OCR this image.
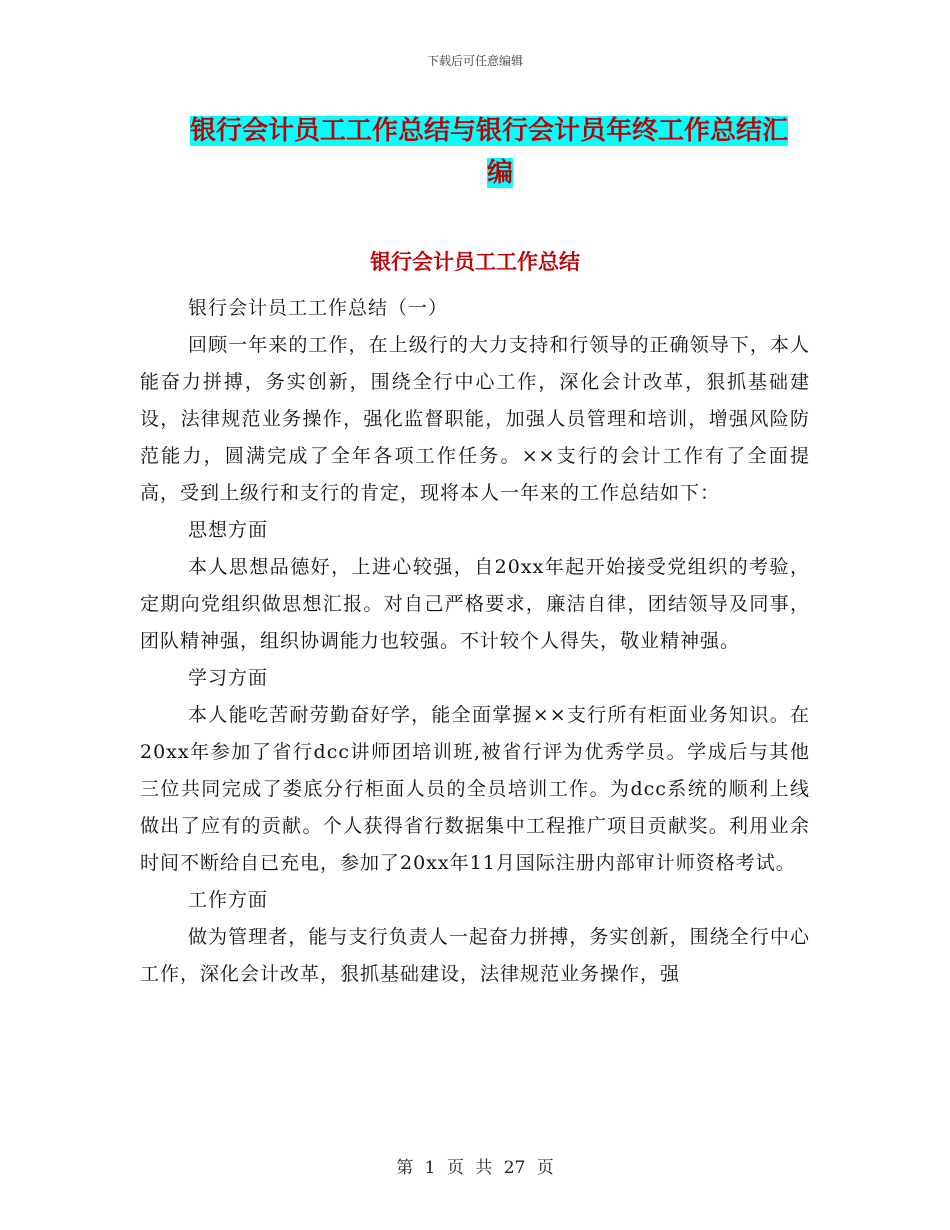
下载后可任意编辑
银行会计员工工作总结与银行会计员年终工作总结汇
编
银行会计员工工作总结

银行会计员工工作总结（一）

回顾一年来的工作，在上级行的大力支持和行领导的正确领导下，本人能奋力拼搏，务实创新，围绕全行中心工作，深化会计改革，狠抓基础建设，法律规范业务操作，强化监督职能，加强人员管理和培训，增强风险防范能力，圆满完成了全年各项工作任务。××支行的会计工作有了全面提高，受到上级行和支行的肯定，现将本人一年来的工作总结如下：

思想方面

本人思想品德好，上进心较强，自20xx年起开始接受党组织的考验，定期向党组织做思想汇报。对自己严格要求，廉洁自律，团结领导及同事，团队精神强，组织协调能力也较强。不计较个人得失，敬业精神强。

学习方面

本人能吃苦耐劳勤奋好学，能全面掌握××支行所有柜面业务知识。在20xx年参加了省行dcc讲师团培训班,被省行评为优秀学员。学成后与其他三位共同完成了娄底分行柜面人员的全员培训工作。为dcc系统的顺利上线做出了应有的贡献。个人获得省行数据集中工程推广项目贡献奖。利用业余时间不断给自已充电，参加了20xx年11月国际注册内部审计师资格考试。

工作方面

做为管理者，能与支行负责人一起奋力拼搏，务实创新，围绕全行中心工作，深化会计改革，狠抓基础建设，法律规范业务操作，强

第 1 页 共 27 页
